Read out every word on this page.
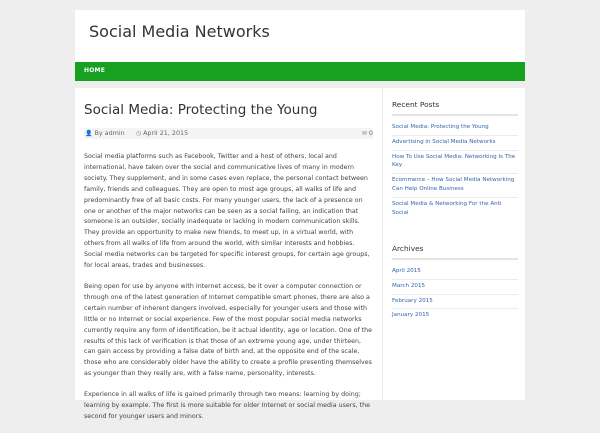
Social Media Networks
HOME
Social Media: Protecting the Young
👤 By admin ◷ April 21, 2015	✉ 0

Social media platforms such as Facebook, Twitter and a host of others, local and international, have taken over the social and communicative lives of many in modern society. They supplement, and in some cases even replace, the personal contact between family, friends and colleagues. They are open to most age groups, all walks of life and predominantly free of all basic costs. For many younger users, the lack of a presence on one or another of the major networks can be seen as a social failing, an indication that someone is an outsider, socially inadequate or lacking in modern communication skills. They provide an opportunity to make new friends, to meet up, in a virtual world, with others from all walks of life from around the world, with similar interests and hobbies. Social media networks can be targeted for specific interest groups, for certain age groups, for local areas, trades and businesses.

Being open for use by anyone with Internet access, be it over a computer connection or through one of the latest generation of Internet compatible smart phones, there are also a certain number of inherent dangers involved, especially for younger users and those with little or no Internet or social experience. Few of the most popular social media networks currently require any form of identification, be it actual identity, age or location. One of the results of this lack of verification is that those of an extreme young age, under thirteen, can gain access by providing a false date of birth and, at the opposite end of the scale, those who are considerably older have the ability to create a profile presenting themselves as younger than they really are, with a false name, personality, interests.

Experience in all walks of life is gained primarily through two means: learning by doing; learning by example. The first is more suitable for older Internet or social media users, the second for younger users and minors.

Recent Posts
Social Media: Protecting the Young
Advertising in Social Media Networks
How To Use Social Media: Networking Is The Key
Ecommerce – How Social Media Networking Can Help Online Business
Social Media & Networking For the Anti Social
Archives
April 2015
March 2015
February 2015
January 2015
